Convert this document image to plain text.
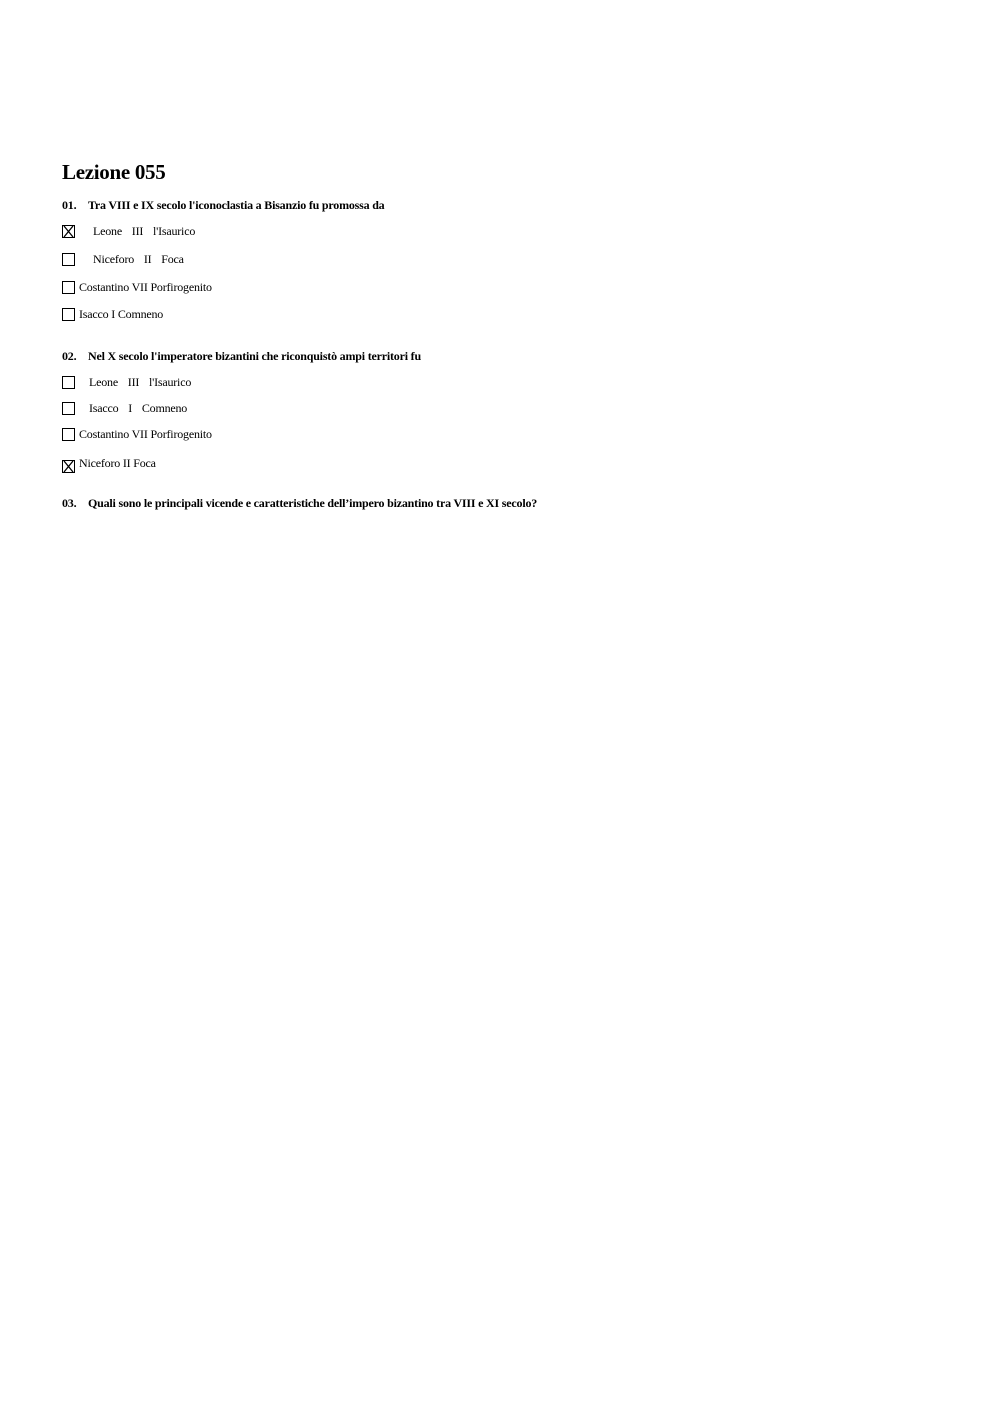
Lezione 055
01. Tra VIII e IX secolo l'iconoclastia a Bisanzio fu promossa da
Leone III l'Isaurico
Niceforo II Foca
Costantino VII Porfirogenito
Isacco I Comneno
02. Nel X secolo l'imperatore bizantini che riconquistò ampi territori fu
Leone III l'Isaurico
Isacco I Comneno
Costantino VII Porfirogenito
Niceforo II Foca
03. Quali sono le principali vicende e caratteristiche dell’impero bizantino tra VIII e XI secolo?
